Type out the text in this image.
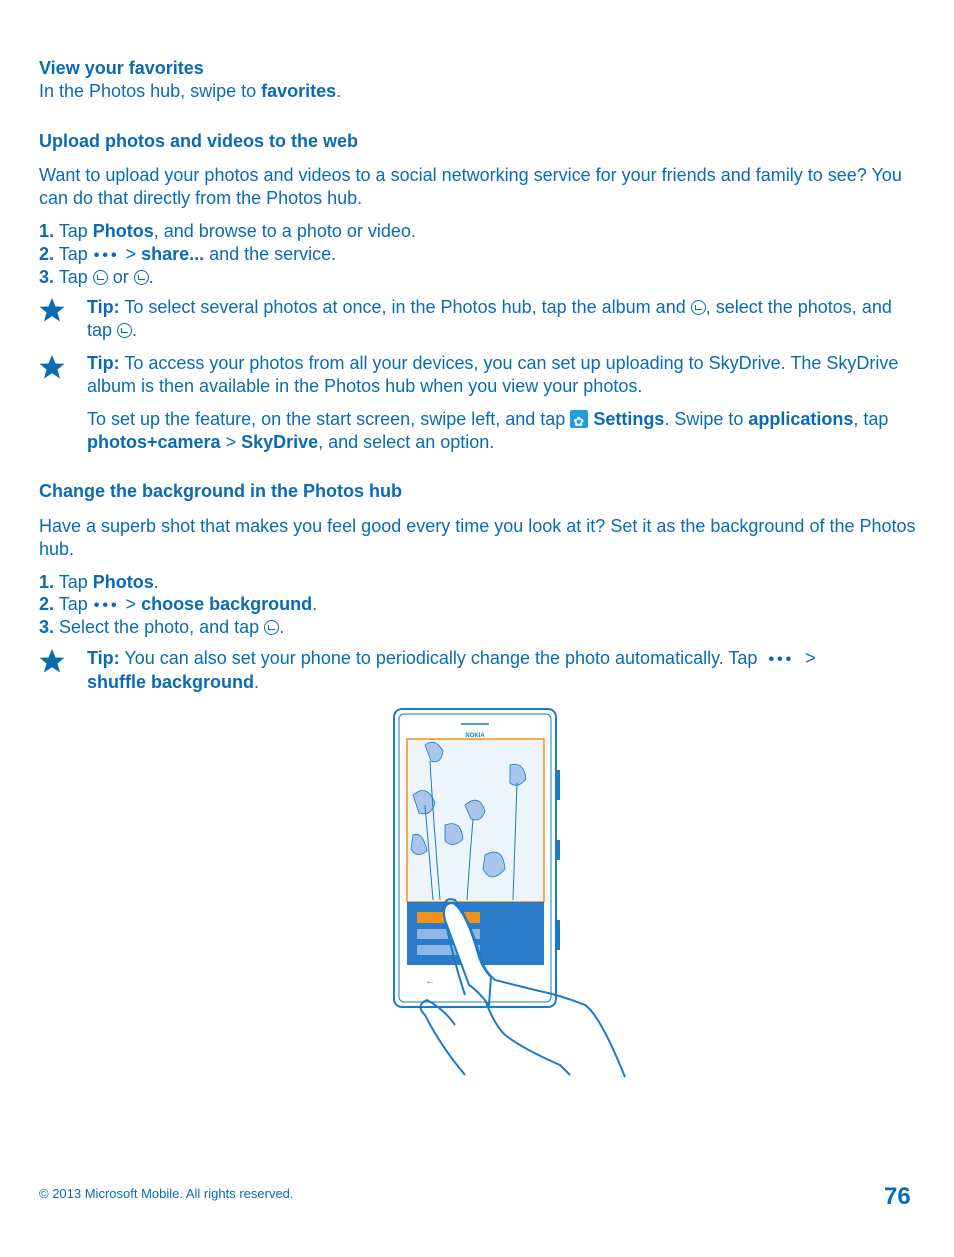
View your favorites
In the Photos hub, swipe to favorites.
Upload photos and videos to the web
Want to upload your photos and videos to a social networking service for your friends and family to see? You can do that directly from the Photos hub.
1. Tap Photos, and browse to a photo or video.
2. Tap ••• > share... and the service.
3. Tap  or .
Tip: To select several photos at once, in the Photos hub, tap the album and , select the photos, and tap .
Tip: To access your photos from all your devices, you can set up uploading to SkyDrive. The SkyDrive album is then available in the Photos hub when you view your photos.
To set up the feature, on the start screen, swipe left, and tap ✿ Settings. Swipe to applications, tap photos+camera > SkyDrive, and select an option.
Change the background in the Photos hub
Have a superb shot that makes you feel good every time you look at it? Set it as the background of the Photos hub.
1. Tap Photos.
2. Tap ••• > choose background.
3. Select the photo, and tap .
Tip: You can also set your phone to periodically change the photo automatically. Tap ••• >
shuffle background.
←
NOKIA
© 2013 Microsoft Mobile. All rights reserved.	76
